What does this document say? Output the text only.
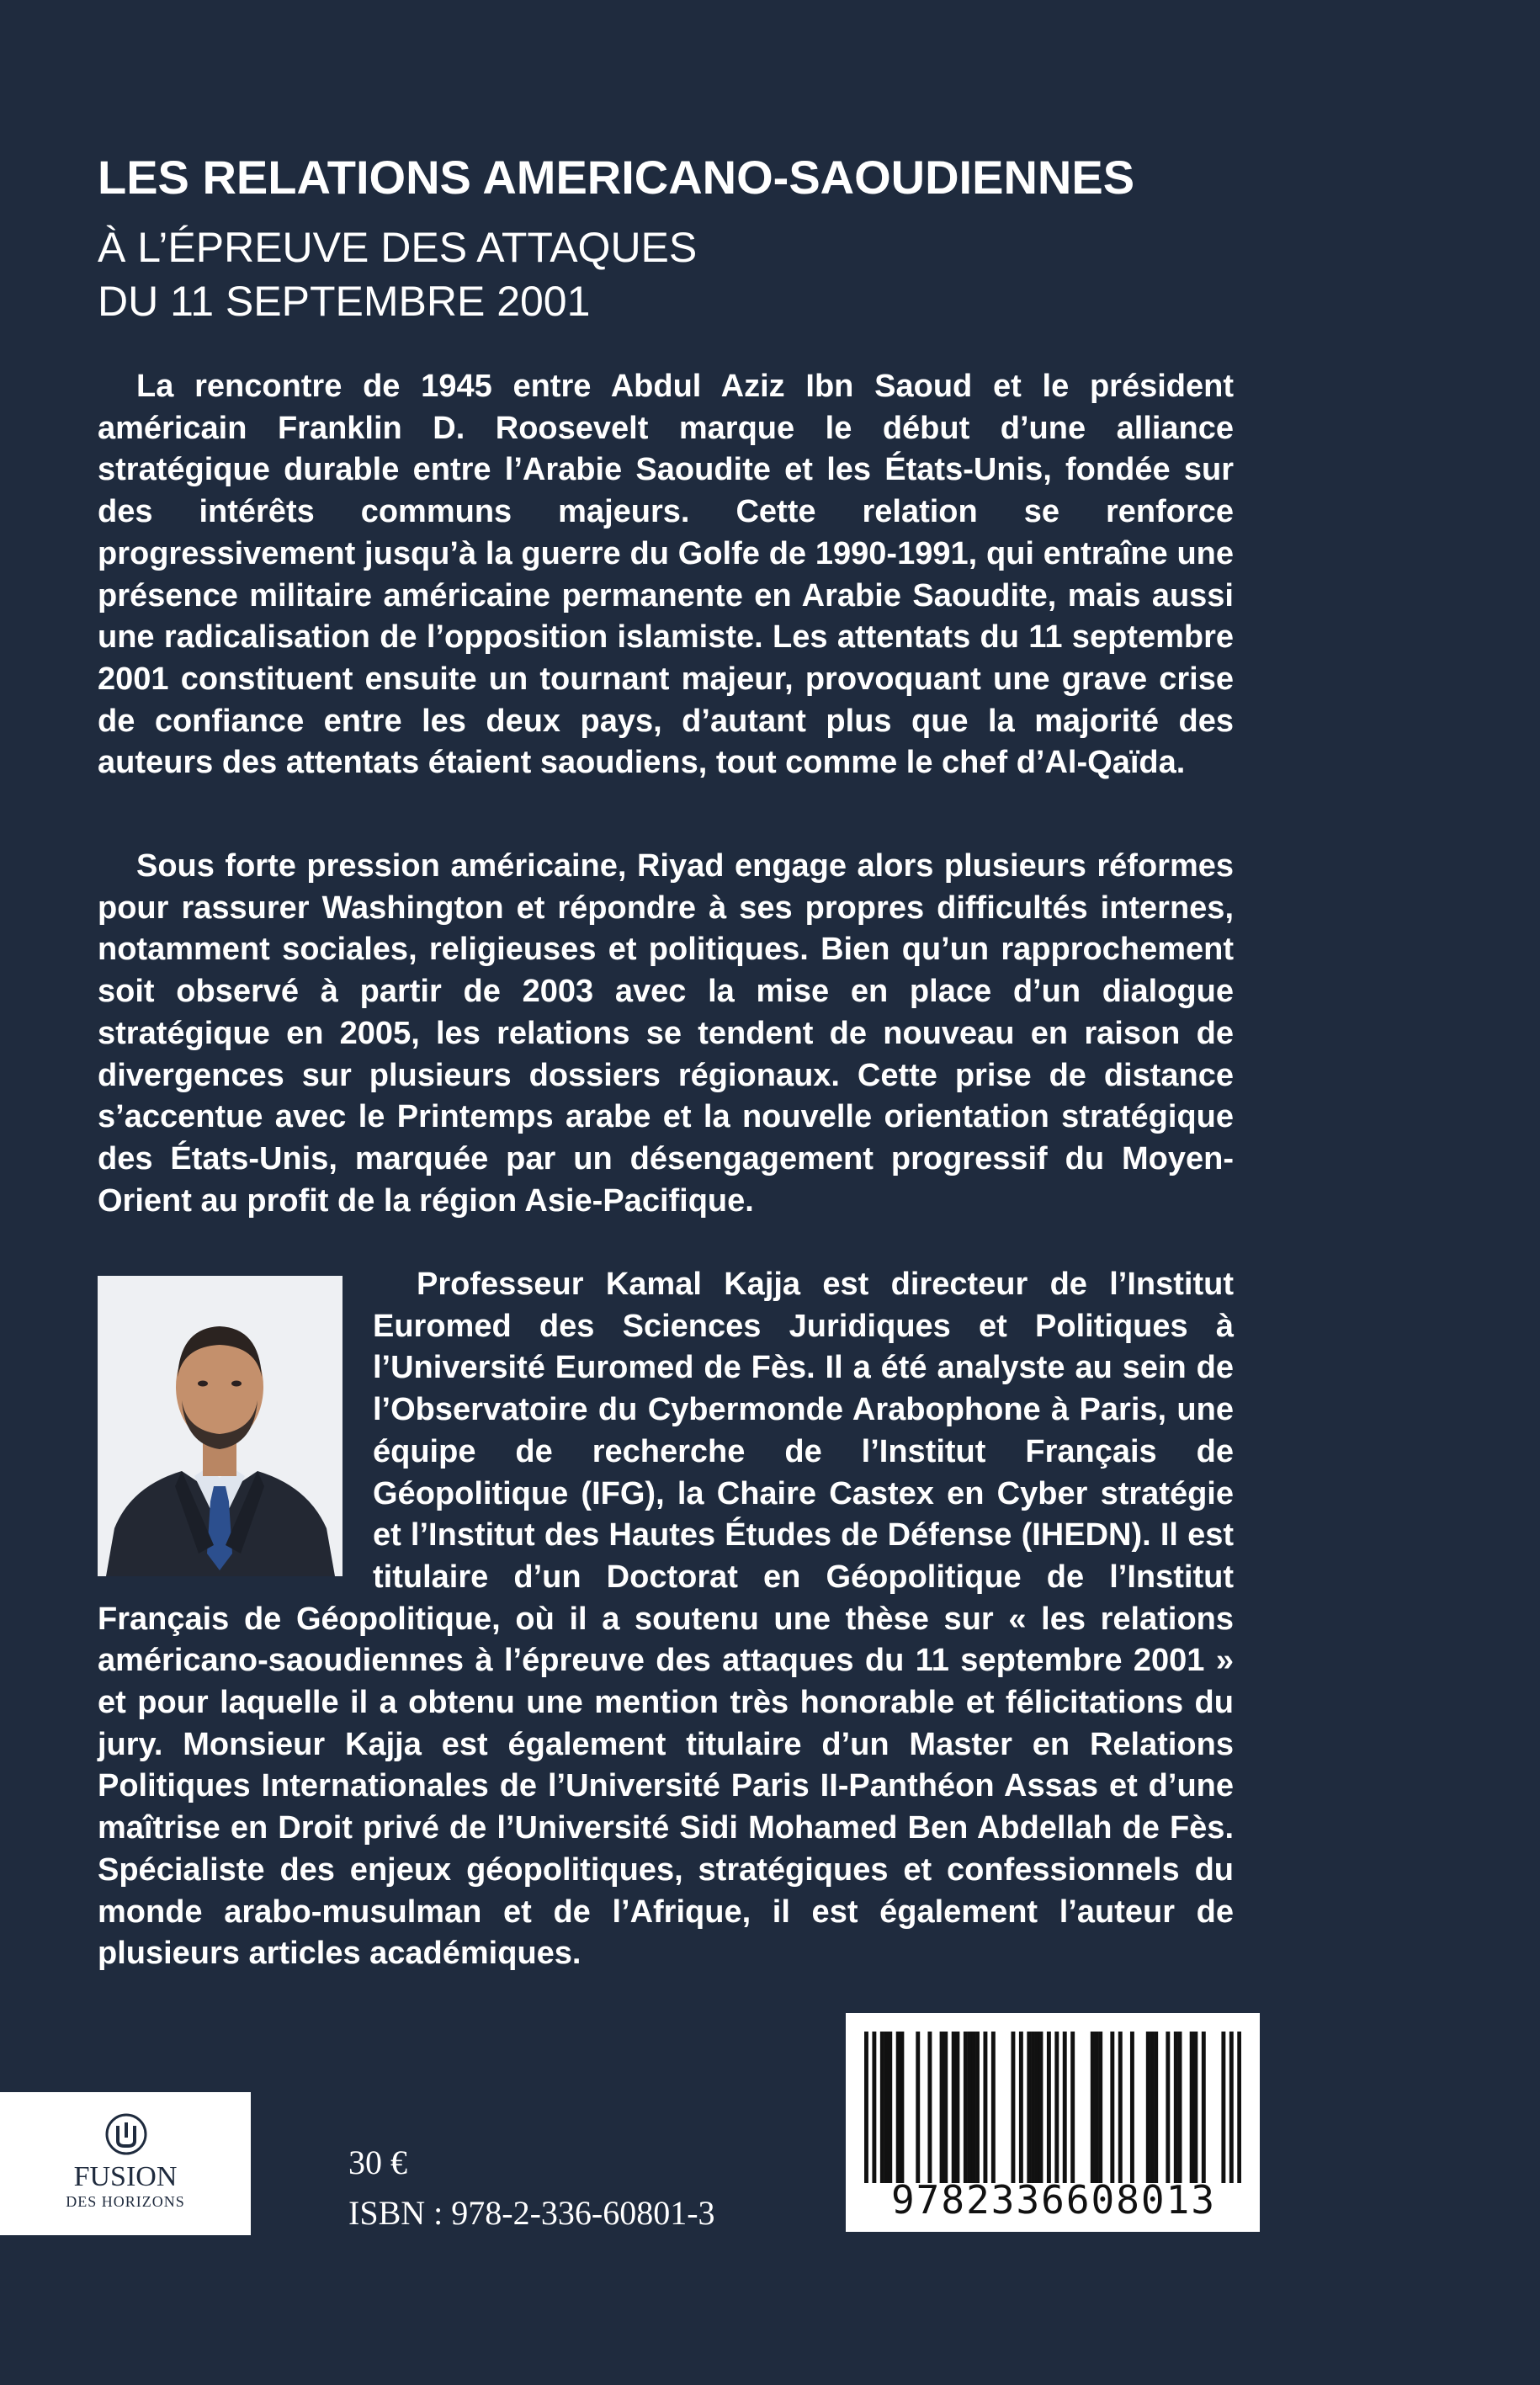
LES RELATIONS AMERICANO-SAOUDIENNES
À L’ÉPREUVE DES ATTAQUES
DU 11 SEPTEMBRE 2001

La rencontre de 1945 entre Abdul Aziz Ibn Saoud et le président américain Franklin D. Roosevelt marque le début d’une alliance stratégique durable entre l’Arabie Saoudite et les États-Unis, fondée sur des intérêts communs majeurs. Cette relation se renforce progressivement jusqu’à la guerre du Golfe de 1990-1991, qui entraîne une présence militaire américaine permanente en Arabie Saoudite, mais aussi une radicalisation de l’opposition islamiste. Les attentats du 11 septembre 2001 constituent ensuite un tournant majeur, provoquant une grave crise de confiance entre les deux pays, d’autant plus que la majorité des auteurs des attentats étaient saoudiens, tout comme le chef d’Al-Qaïda.

Sous forte pression américaine, Riyad engage alors plusieurs réformes pour rassurer Washington et répondre à ses propres difficultés internes, notamment sociales, religieuses et politiques. Bien qu’un rapprochement soit observé à partir de 2003 avec la mise en place d’un dialogue stratégique en 2005, les relations se tendent de nouveau en raison de divergences sur plusieurs dossiers régionaux. Cette prise de distance s’accentue avec le Printemps arabe et la nouvelle orientation stratégique des États-Unis, marquée par un désengagement progressif du Moyen-Orient au profit de la région Asie-Pacifique.

Professeur Kamal Kajja est directeur de l’Institut Euromed des Sciences Juridiques et Politiques à l’Université Euromed de Fès. Il a été analyste au sein de l’Observatoire du Cybermonde Arabophone à Paris, une équipe de recherche de l’Institut Français de Géopolitique (IFG), la Chaire Castex en Cyber stratégie et l’Institut des Hautes Études de Défense (IHEDN). Il est titulaire d’un Doctorat en Géopolitique de l’Institut Français de Géopolitique, où il a soutenu une thèse sur « les relations américano-saoudiennes à l’épreuve des attaques du 11 septembre 2001 » et pour laquelle il a obtenu une mention très honorable et félicitations du jury. Monsieur Kajja est également titulaire d’un Master en Relations Politiques Internationales de l’Université Paris II-Panthéon Assas et d’une maîtrise en Droit privé de l’Université Sidi Mohamed Ben Abdellah de Fès. Spécialiste des enjeux géopolitiques, stratégiques et confessionnels du monde arabo-musulman et de l’Afrique, il est également l’auteur de plusieurs articles académiques.

FUSION
DES HORIZONS
30 €
ISBN : 978-2-336-60801-3	9782336608013
